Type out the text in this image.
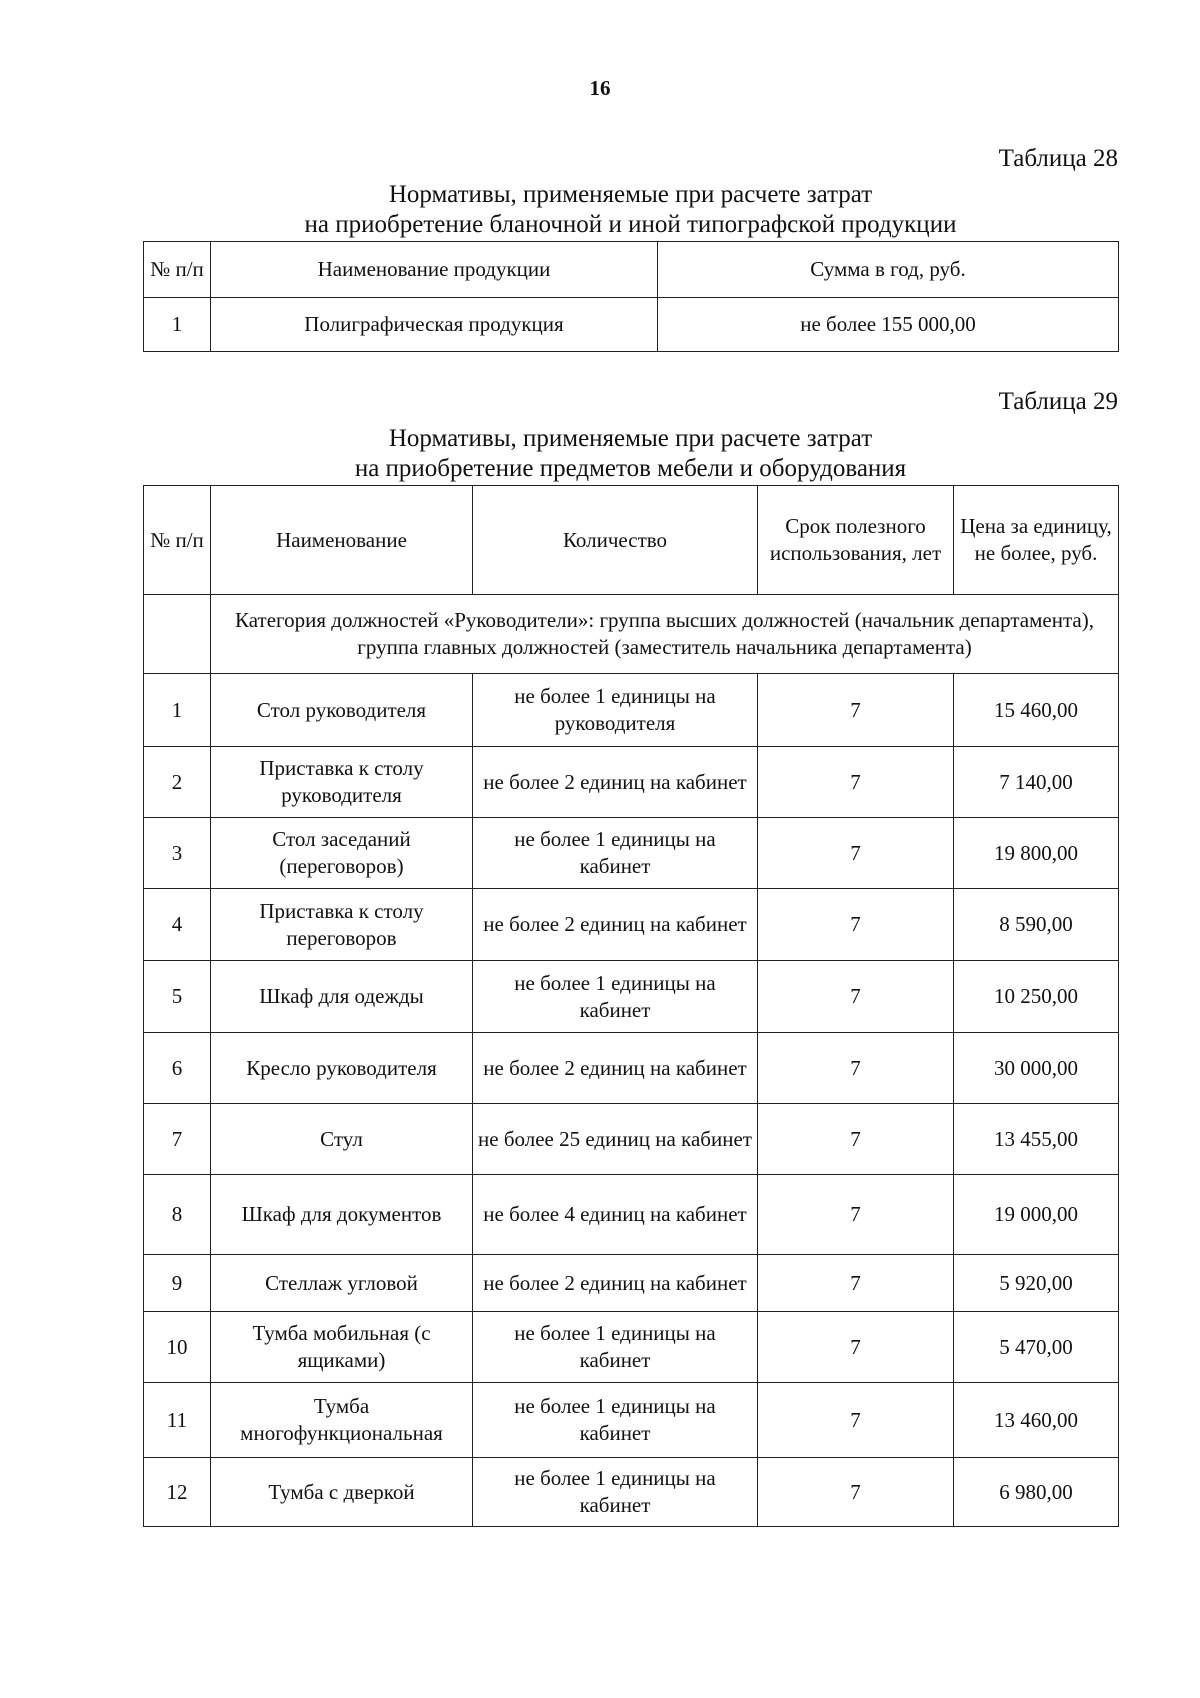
16
Таблица 28
Нормативы, применяемые при расчете затрат
на приобретение бланочной и иной типографской продукции
№ п/п	Наименование продукции	Сумма в год, руб.
1	Полиграфическая продукция	не более 155 000,00
Таблица 29
Нормативы, применяемые при расчете затрат
на приобретение предметов мебели и оборудования
№ п/п	Наименование	Количество	Срок полезного использования, лет	Цена за единицу, не более, руб.
	Категория должностей «Руководители»: группа высших должностей (начальник департамента), группа главных должностей (заместитель начальника департамента)			
1	Стол руководителя	не более 1 единицы на руководителя	7	15 460,00
2	Приставка к столу руководителя	не более 2 единиц на кабинет	7	7 140,00
3	Стол заседаний (переговоров)	не более 1 единицы на кабинет	7	19 800,00
4	Приставка к столу переговоров	не более 2 единиц на кабинет	7	8 590,00
5	Шкаф для одежды	не более 1 единицы на кабинет	7	10 250,00
6	Кресло руководителя	не более 2 единиц на кабинет	7	30 000,00
7	Стул	не более 25 единиц на кабинет	7	13 455,00
8	Шкаф для документов	не более 4 единиц на кабинет	7	19 000,00
9	Стеллаж угловой	не более 2 единиц на кабинет	7	5 920,00
10	Тумба мобильная (с ящиками)	не более 1 единицы на кабинет	7	5 470,00
11	Тумба многофункциональная	не более 1 единицы на кабинет	7	13 460,00
12	Тумба с дверкой	не более 1 единицы на кабинет	7	6 980,00
